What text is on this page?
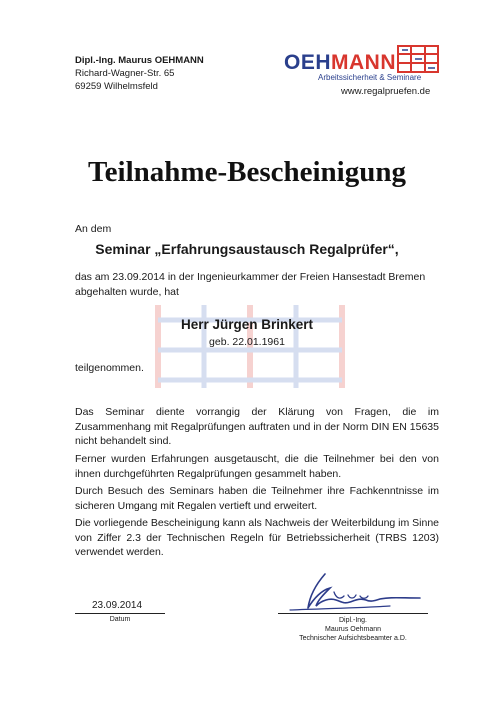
Dipl.-Ing. Maurus OEHMANN
Richard-Wagner-Str. 65
69259 Wilhelmsfeld
OEHMANN
Arbeitssicherheit & Seminare
www.regalpruefen.de
Teilnahme-Bescheinigung
An dem
Seminar „Erfahrungsaustausch Regalprüfer“,
das am 23.09.2014 in der Ingenieurkammer der Freien Hansestadt Bremen abgehalten wurde, hat
Herr Jürgen Brinkert
geb. 22.01.1961
teilgenommen.
Das Seminar diente vorrangig der Klärung von Fragen, die im Zusammenhang mit Regalprüfungen auftraten und in der Norm DIN EN 15635 nicht behandelt sind.
Ferner wurden Erfahrungen ausgetauscht, die die Teilnehmer bei den von ihnen durchgeführten Regalprüfungen gesammelt haben.
Durch Besuch des Seminars haben die Teilnehmer ihre Fachkenntnisse im sicheren Umgang mit Regalen vertieft und erweitert.
Die vorliegende Bescheinigung kann als Nachweis der Weiterbildung im Sinne von Ziffer 2.3 der Technischen Regeln für Betriebssicherheit (TRBS 1203) verwendet werden.
23.09.2014
Datum	Dipl.-Ing.
Maurus Oehmann
Technischer Aufsichtsbeamter a.D.
